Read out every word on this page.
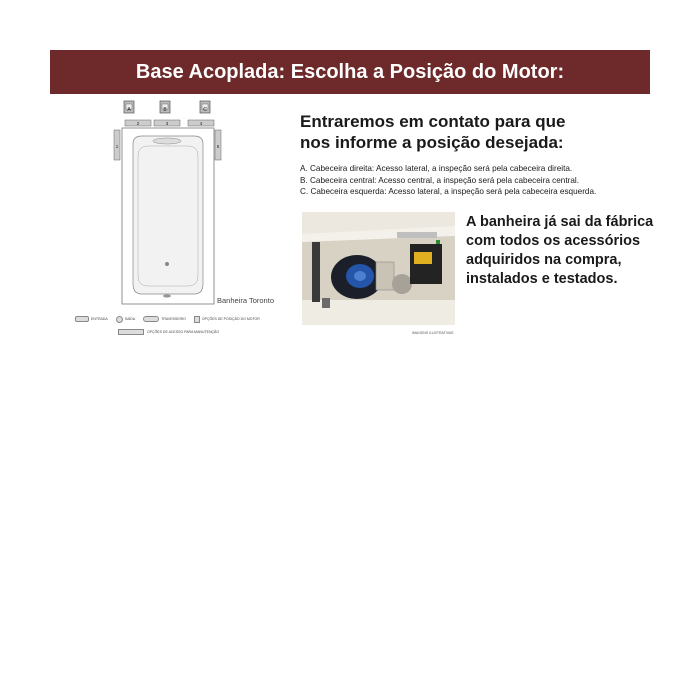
Base Acoplada: Escolha a Posição do Motor:
A	B	C
2	3	4
1	5
Banheira Toronto
ENTRADA	SAÍDA	TRAVESSEIRO	OPÇÕES DE POSIÇÃO DO MOTOR
OPÇÕES DE ACESSO PARA MANUTENÇÃO
Entraremos em contato para que
nos informe a posição desejada:
A. Cabeceira direita: Acesso lateral, a inspeção será pela cabeceira direita.
B. Cabeceira central: Acesso central, a inspeção será pela cabeceira central.
C. Cabeceira esquerda: Acesso lateral, a inspeção será pela cabeceira esquerda.
IMAGENS ILUSTRATIVAS
A banheira já sai da fábrica
com todos os acessórios
adquiridos na compra,
instalados e testados.
